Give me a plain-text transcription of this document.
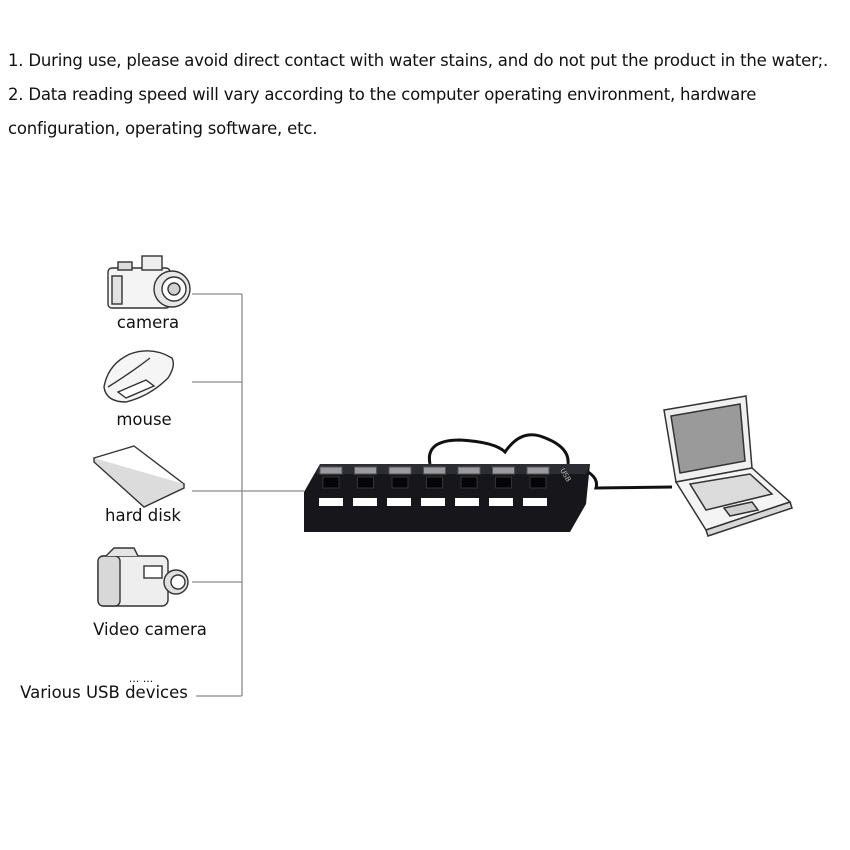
1. During use, please avoid direct contact with water stains, and do not put the product in the water;.
2. Data reading speed will vary according to the computer operating environment, hardware
configuration, operating software, etc.
camera
mouse
hard disk
Video camera
... ...
Various USB devices
USB
